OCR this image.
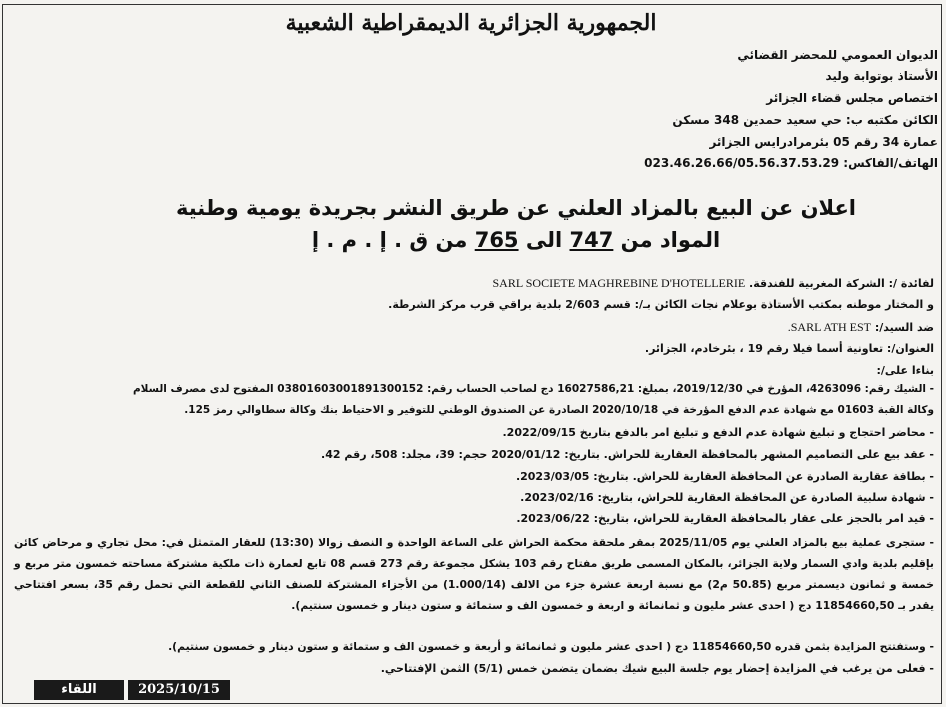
الجمهورية الجزائرية الديمقراطية الشعبية
الديوان العمومي للمحضر القضائي
الأستاذ بوتوابة وليد
اختصاص مجلس قضاء الجزائر
الكائن مكتبه ب: حي سعيد حمدين 348 مسكن
عمارة 34 رقم 05 بئرمرادرايس الجزائر
الهاتف/الفاكس: 023.46.26.66/05.56.37.53.29
اعلان عن البيع بالمزاد العلني عن طريق النشر بجريدة يومية وطنية
المواد من 747 الى 765 من ق . إ . م . إ
لفائدة /: الشركة المغربية للفندقة. SARL SOCIETE MAGHREBINE D'HOTELLERIE
و المختار موطنه بمكتب الأستاذة بوعلام نجات الكائن بـ/: قسم 2/603 بلدية براقي قرب مركز الشرطة.
ضد السيد/: SARL ATH EST.
العنوان/: تعاونية أسما فيلا رقم 19 ، بئرخادم، الجزائر.
بناءا على/:
- الشيك رقم: 4263096، المؤرخ في 2019/12/30، بمبلغ: 16027586,21 دج لصاحب الحساب رقم: 03801603001891300152 المفتوح لدى مصرف السلام
وكالة القبة 01603 مع شهادة عدم الدفع المؤرخة في 2020/10/18 الصادرة عن الصندوق الوطني للتوفير و الاحتياط بنك وكالة سطاوالي رمز 125.
- محاضر احتجاج و تبليغ شهادة عدم الدفع و تبليغ امر بالدفع بتاريخ 2022/09/15.
- عقد بيع على التصاميم المشهر بالمحافظة العقارية للحراش. بتاريخ: 2020/01/12 حجم: 39، مجلد: 508، رقم 42.
- بطاقة عقارية الصادرة عن المحافظة العقارية للحراش. بتاريخ: 2023/03/05.
- شهادة سلبية الصادرة عن المحافظة العقارية للحراش، بتاريخ: 2023/02/16.
- قيد امر بالحجز على عقار بالمحافظة العقارية للحراش، بتاريخ: 2023/06/22.
- ستجرى عملية بيع بالمزاد العلني يوم 2025/11/05 بمقر ملحقة محكمة الحراش على الساعة الواحدة و النصف زوالا (13:30) للعقار المتمثل في: محل تجاري و مرحاض كائن بإقليم بلدية وادي السمار ولاية الجزائر، بالمكان المسمى طريق مفتاح رقم 103 يشكل مجموعة رقم 273 قسم 08 تابع لعمارة ذات ملكية مشتركة مساحته خمسون متر مربع و خمسة و ثمانون ديسمتر مربع (50.85 م2) مع نسبة اربعة عشرة جزء من الالف (1.000/14) من الأجزاء المشتركة للصنف الثاني للقطعة التي تحمل رقم 35، بسعر افتتاحي يقدر بـ 11854660,50 دج ( احدى عشر مليون و ثمانمائة و اربعة و خمسون الف و ستمائة و ستون دينار و خمسون سنتيم).
- وستفتتح المزايدة بثمن قدره 11854660,50 دج ( احدى عشر مليون و ثمانمائة و أربعة و خمسون الف و ستمائة و ستون دينار و خمسون سنتيم).
- فعلى من يرغب في المزايدة إحضار يوم جلسة البيع شيك بضمان يتضمن خمس (5/1) الثمن الإفتتاحي.
اللقاء	2025/10/15
